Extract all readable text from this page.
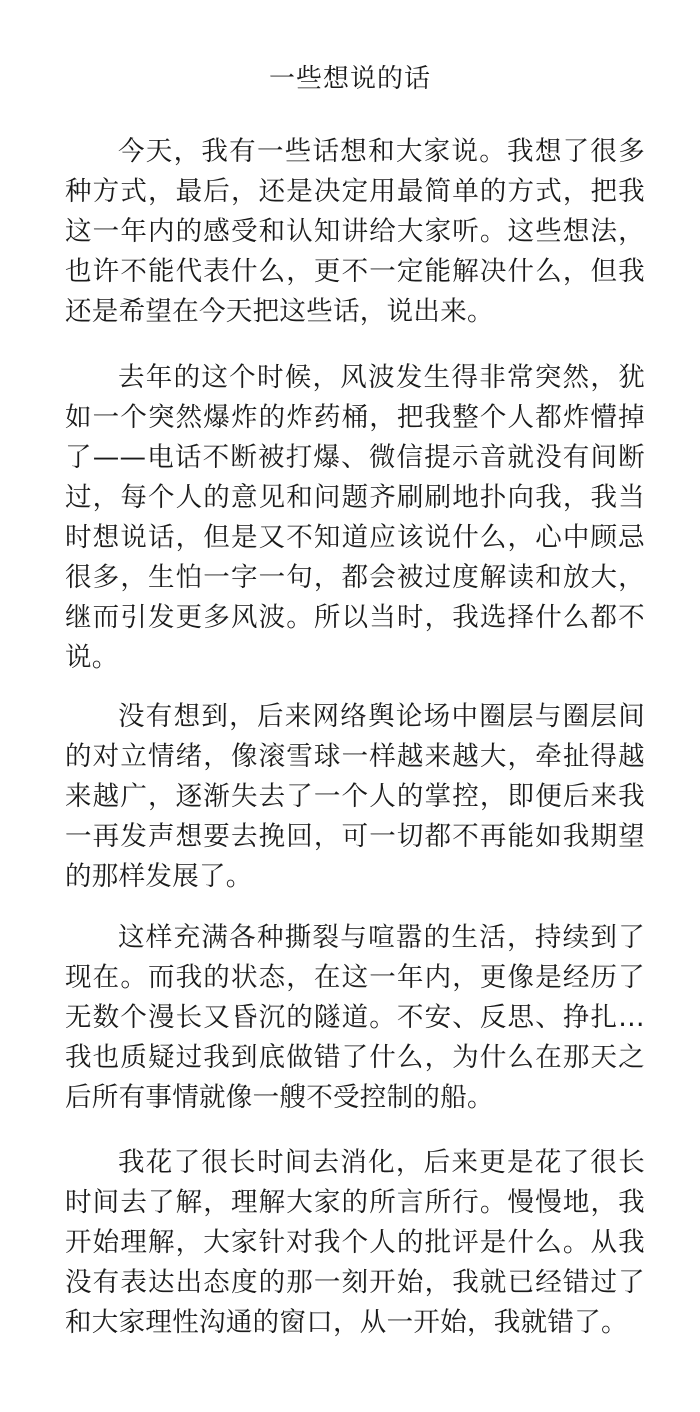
一些想说的话

今天，我有一些话想和大家说。我想了很多种方式，最后，还是决定用最简单的方式，把我这一年内的感受和认知讲给大家听。这些想法，也许不能代表什么，更不一定能解决什么，但我还是希望在今天把这些话，说出来。

去年的这个时候，风波发生得非常突然，犹如一个突然爆炸的炸药桶，把我整个人都炸懵掉了——电话不断被打爆、微信提示音就没有间断过，每个人的意见和问题齐刷刷地扑向我，我当时想说话，但是又不知道应该说什么，心中顾忌很多，生怕一字一句，都会被过度解读和放大，继而引发更多风波。所以当时，我选择什么都不说。

没有想到，后来网络舆论场中圈层与圈层间的对立情绪，像滚雪球一样越来越大，牵扯得越来越广，逐渐失去了一个人的掌控，即便后来我一再发声想要去挽回，可一切都不再能如我期望的那样发展了。

这样充满各种撕裂与喧嚣的生活，持续到了现在。而我的状态，在这一年内，更像是经历了无数个漫长又昏沉的隧道。不安、反思、挣扎… 我也质疑过我到底做错了什么，为什么在那天之后所有事情就像一艘不受控制的船。

我花了很长时间去消化，后来更是花了很长时间去了解，理解大家的所言所行。慢慢地，我开始理解，大家针对我个人的批评是什么。从我没有表达出态度的那一刻开始，我就已经错过了和大家理性沟通的窗口，从一开始，我就错了。
